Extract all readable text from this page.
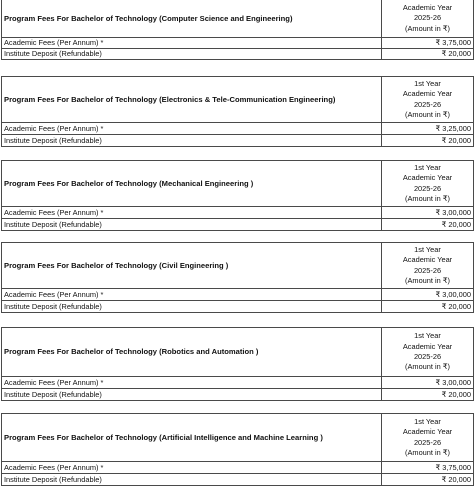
Program Fees For Bachelor of Technology (Computer Science and Engineering)	Academic Year
2025-26
(Amount in ₹)

Academic Fees (Per Annum) *	₹ 3,75,000
Institute Deposit (Refundable)	₹ 20,000
Program Fees For Bachelor of Technology (Electronics & Tele-Communication Engineering)	1st Year
Academic Year
2025-26
(Amount in ₹)

Academic Fees (Per Annum) *	₹ 3,25,000
Institute Deposit (Refundable)	₹ 20,000
Program Fees For Bachelor of Technology (Mechanical Engineering )	1st Year
Academic Year
2025-26
(Amount in ₹)

Academic Fees (Per Annum) *	₹ 3,00,000
Institute Deposit (Refundable)	₹ 20,000
Program Fees For Bachelor of Technology (Civil Engineering )	1st Year
Academic Year
2025-26
(Amount in ₹)

Academic Fees (Per Annum) *	₹ 3,00,000
Institute Deposit (Refundable)	₹ 20,000
Program Fees For Bachelor of Technology (Robotics and Automation )	1st Year
Academic Year
2025-26
(Amount in ₹)

Academic Fees (Per Annum) *	₹ 3,00,000
Institute Deposit (Refundable)	₹ 20,000
Program Fees For Bachelor of Technology (Artificial Intelligence and Machine Learning )	1st Year
Academic Year
2025-26
(Amount in ₹)

Academic Fees (Per Annum) *	₹ 3,75,000
Institute Deposit (Refundable)	₹ 20,000
